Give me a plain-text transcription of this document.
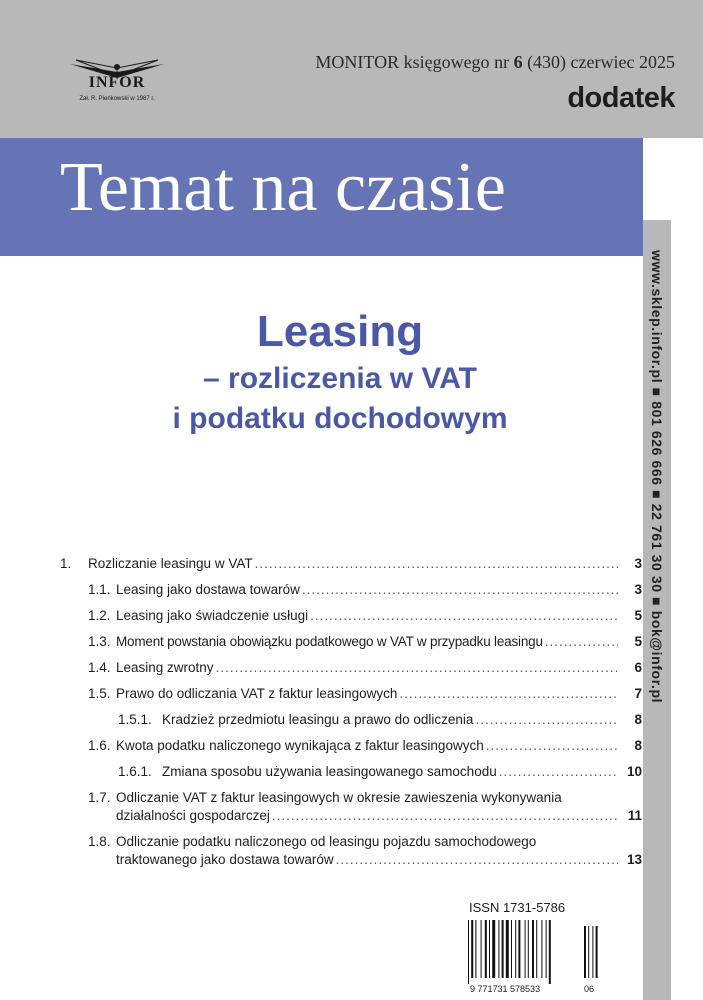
INFOR
Zał. R. Pieńkowski w 1987 r.
MONITOR księgowego nr 6 (430) czerwiec 2025
dodatek
Temat na czasie
www.sklep.infor.pl ■ 801 626 666 ■ 22 761 30 30 ■ bok@infor.pl
Leasing
– rozliczenia w VAT
i podatku dochodowym
1.	Rozliczanie leasingu w VAT .....	3
1.1. Leasing jako dostawa towarów .....	3
1.2. Leasing jako świadczenie usługi .....	5
1.3. Moment powstania obowiązku podatkowego w VAT w przypadku leasingu .....	5
1.4. Leasing zwrotny .....	6
1.5. Prawo do odliczania VAT z faktur leasingowych .....	7
1.5.1. Kradzież przedmiotu leasingu a prawo do odliczenia .....	8
1.6. Kwota podatku naliczonego wynikająca z faktur leasingowych .....	8
1.6.1. Zmiana sposobu używania leasingowanego samochodu .....	10
1.7. Odliczanie VAT z faktur leasingowych w okresie zawieszenia wykonywania
działalności gospodarczej .....	11
1.8. Odliczanie podatku naliczonego od leasingu pojazdu samochodowego
traktowanego jako dostawa towarów .....	13
ISSN 1731-5786
9 771731 578533	06
